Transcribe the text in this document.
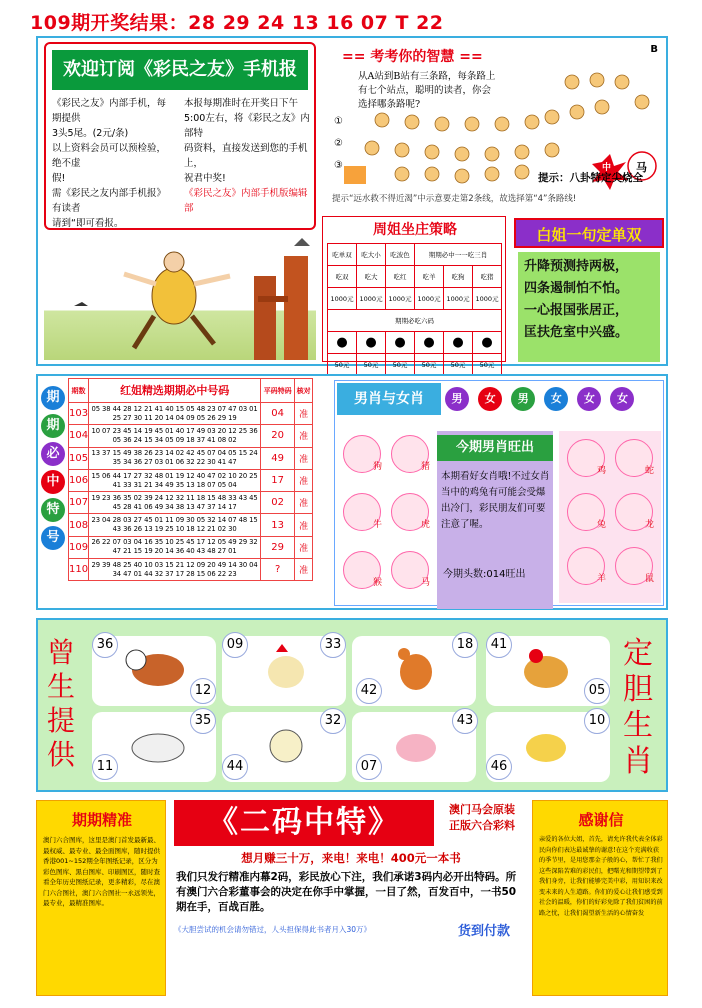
109期开奖结果：28 29 24 13 16 07 T 22
欢迎订阅《彩民之友》手机报
《彩民之友》内部手机，每期提供
3头5尾。(2元/条)
以上资料会员可以预检验，绝不虚
假!
需《彩民之友内部手机报》有读者
请到“即可看报。
本报每期准时在开奖日下午
5:00左右，将《彩民之友》内部特
码资料，直接发送到您的手机上，
祝君中奖!
《彩民之友》内部手机版编辑
部
== 考考你的智慧 ==	B
从A站到B站有三条路，每条路上有七个站点，聪明的读者，你会选择哪条路呢?
①
②
③	中 马
提示：八卦特定尖烧全
提示“远水救不得近渴”中示意要走第2条线，故选择第“4”条路线!
周姐坐庄策略
吃单双	吃大小	吃波色	期期必中一一吃三肖		
吃双	吃大	吃红	吃羊	吃狗	吃猪
1000元	1000元	1000元	1000元	1000元	1000元
期期必吃六码					
●	●	●	●	●	●
50元	50元	50元	50元	50元	50元
白姐一句定单双
升降预测持两极，
四条遏制怕不怕。
一心报国张居正，
匡扶危室中兴盛。
期
期
必
中
特
号
期数	红姐精选期期必中号码	平码特码	核对
103	05 38 44 28 12 21 41 40 15 05 48 23 07 47 03 01 25 27 30 11 20 14 04 09 05 26 29 19	04	准
104	10 07 23 45 14 19 45 01 40 17 49 03 20 12 25 36 05 36 24 15 34 05 09 18 37 41 08 02	20	准
105	13 37 15 49 38 26 23 14 02 42 45 07 04 05 15 24 35 34 36 27 03 01 06 32 22 30 41 47	49	准
106	15 06 44 17 27 32 48 01 19 12 40 47 02 10 20 25 41 33 31 21 34 49 35 13 18 07 05 04	17	准
107	19 23 36 35 02 39 24 12 32 11 18 15 48 33 43 45 45 28 41 06 49 34 38 13 47 37 14 17	02	准
108	23 04 28 03 27 45 01 11 09 30 05 32 14 07 48 15 43 36 26 13 19 25 10 18 12 21 02 30	13	准
109	26 22 07 03 04 16 35 10 25 45 17 12 05 49 29 32 47 21 15 19 20 14 36 40 43 48 27 01	29	准
110	29 39 48 25 40 10 03 15 21 12 09 20 49 14 30 04 34 47 01 44 32 37 17 28 15 06 22 23	?	准
男肖与女肖	男 女 男 女 女 女
狗	猪
牛	虎
猴	马
今期男肖旺出
本期看好女肖哦!不过女肖当中的鸡兔有可能会受爆出冷门，彩民朋友们可要注意了喔。
今期头数:014旺出
鸡	蛇
兔	龙
羊	鼠
曾
生
提
供
定
胆
生
肖
36
12
09	33	18
42
41
05
35
11
32
44
43
07
10
46
期期精准
澳门六合图库，这里是澳门首发最新最、最权威、最专业、最全面图库，随时提供香港001~152期全年图纸记录，区分为彩色图库、黑白图库、印刷图区，随时查看全年历史图纸记录，更多精彩，尽在澳门六合图社，澳门六合图社一永远领先，最专业，最精准图库。
《二码中特》	澳门马会原装
正版六合彩料
想月赚三十万，来电！来电！400元一本书
我们只发行精准内幕2码，彩民放心下注，我们承诺3码内必开出特码。所有澳门六合彩董事会的决定在你手中掌握，一目了然，百发百中，一书50期在手，百战百胜。
《大胆尝试的机会请勿错过，人头担保得此书者月入30万》	货到付款
感谢信
亲爱的各位大姐，首先，请允许我代表全体彩民向你们表达最诚挚的谢意!在这个充满收获的季节里，是用您那金子般的心，帮忙了我们这些深陷苦难的彩民们，把曙光和期望带到了我们身旁，让我们能够完美中彩，用知识来改变未来的人生道路。你们的爱心让我们感受到社会的温暖，你们的好彩免除了我们贫困的前路之忧，让我们渴望新生活的心情奋发
